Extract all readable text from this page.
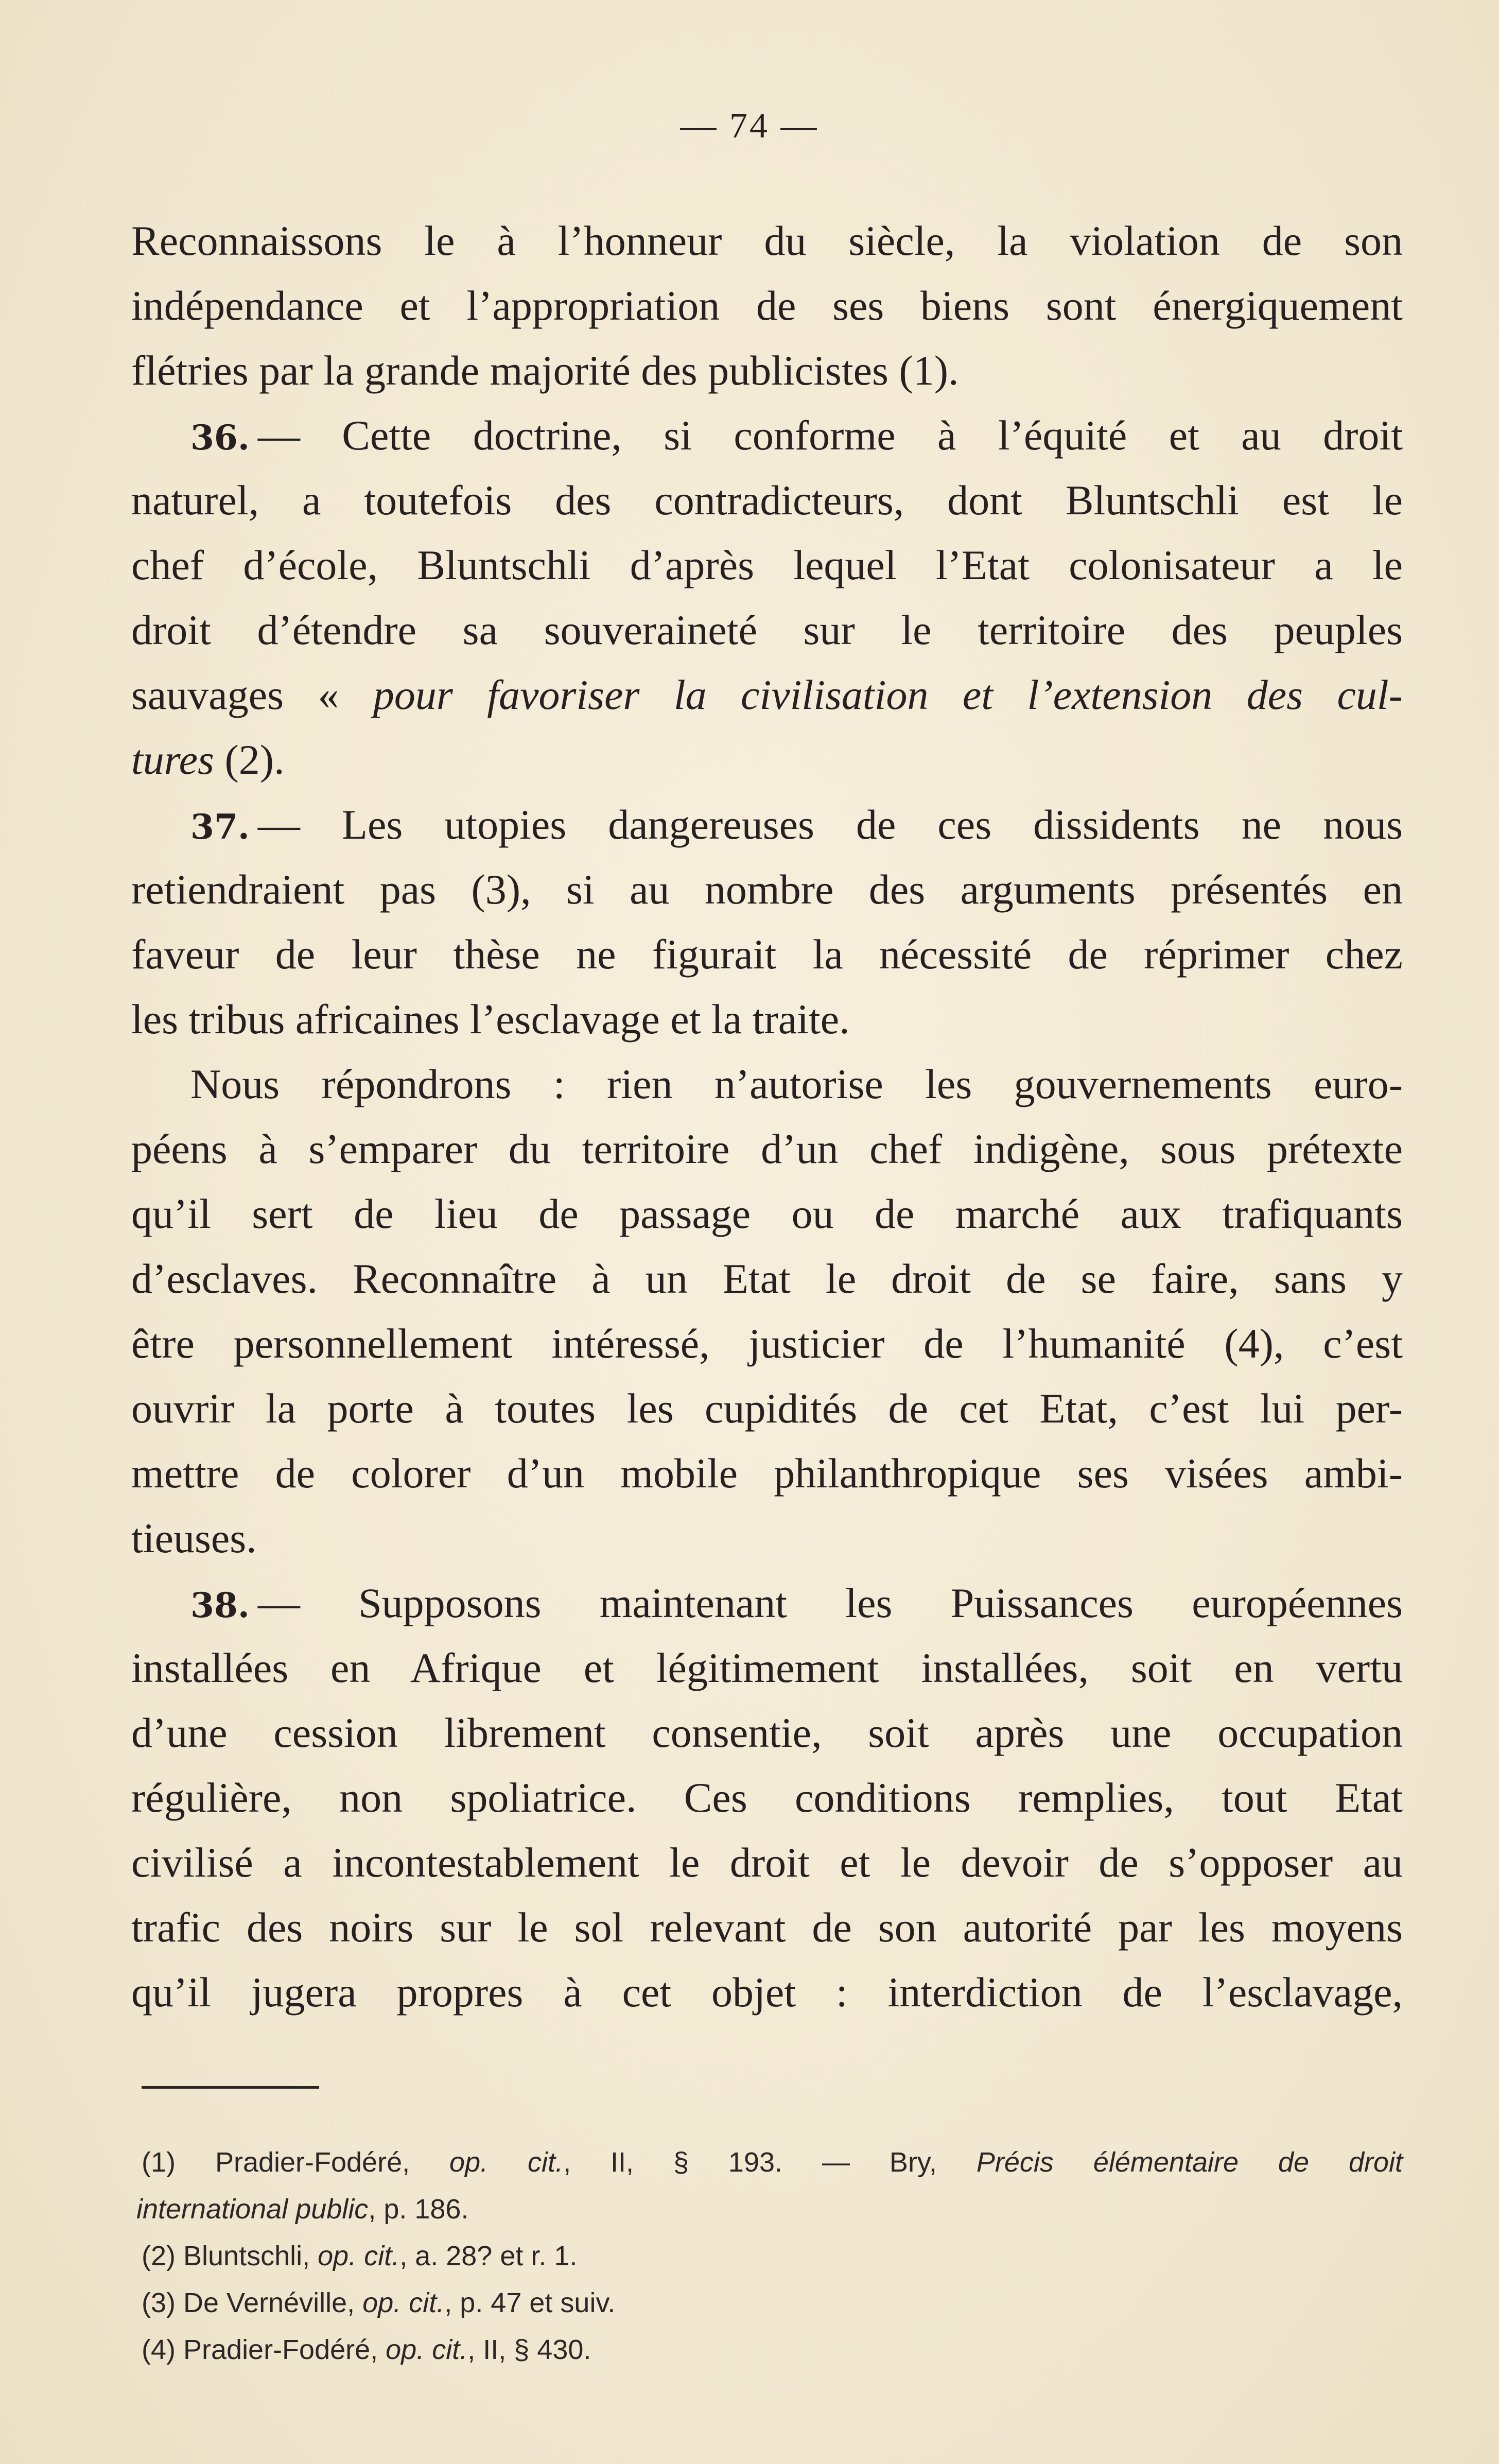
— 74 —
Reconnaissons le à l’honneur du siècle, la violation de son
indépendance et l’appropriation de ses biens sont énergiquement
flétries par la grande majorité des publicistes (1).
36. — Cette doctrine, si conforme à l’équité et au droit
naturel, a toutefois des contradicteurs, dont Bluntschli est le
chef d’école, Bluntschli d’après lequel l’Etat colonisateur a le
droit d’étendre sa souveraineté sur le territoire des peuples
sauvages « pour favoriser la civilisation et l’extension des cul-
tures (2).
37. — Les utopies dangereuses de ces dissidents ne nous
retiendraient pas (3), si au nombre des arguments présentés en
faveur de leur thèse ne figurait la nécessité de réprimer chez
les tribus africaines l’esclavage et la traite.
Nous répondrons : rien n’autorise les gouvernements euro-
péens à s’emparer du territoire d’un chef indigène, sous prétexte
qu’il sert de lieu de passage ou de marché aux trafiquants
d’esclaves. Reconnaître à un Etat le droit de se faire, sans y
être personnellement intéressé, justicier de l’humanité (4), c’est
ouvrir la porte à toutes les cupidités de cet Etat, c’est lui per-
mettre de colorer d’un mobile philanthropique ses visées ambi-
tieuses.
38. — Supposons maintenant les Puissances européennes
installées en Afrique et légitimement installées, soit en vertu
d’une cession librement consentie, soit après une occupation
régulière, non spoliatrice. Ces conditions remplies, tout Etat
civilisé a incontestablement le droit et le devoir de s’opposer au
trafic des noirs sur le sol relevant de son autorité par les moyens
qu’il jugera propres à cet objet : interdiction de l’esclavage,
(1) Pradier-Fodéré, op. cit., II, § 193. — Bry, Précis élémentaire de droit
international public, p. 186.
(2) Bluntschli, op. cit., a. 28? et r. 1.
(3) De Vernéville, op. cit., p. 47 et suiv.
(4) Pradier-Fodéré, op. cit., II, § 430.
